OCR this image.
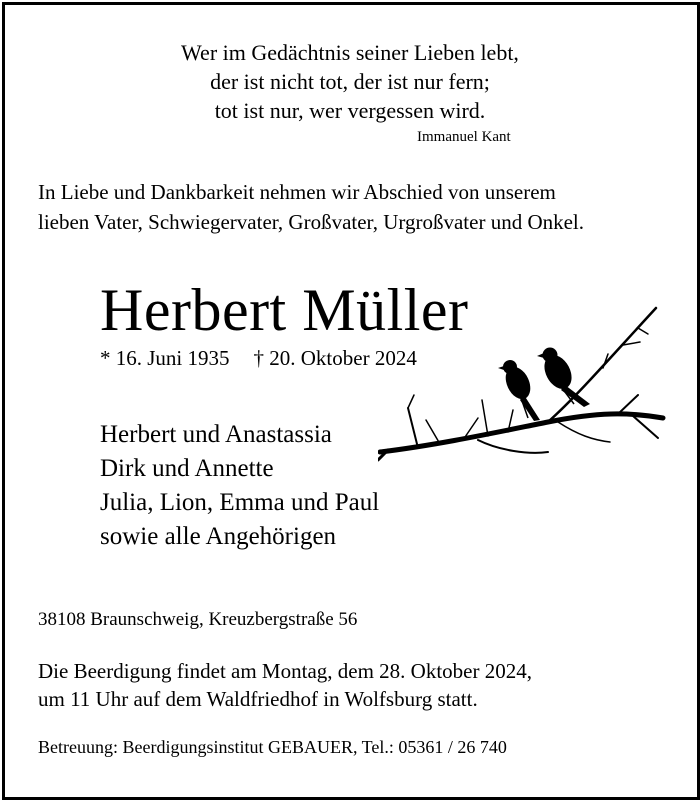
Wer im Gedächtnis seiner Lieben lebt,
der ist nicht tot, der ist nur fern;
tot ist nur, wer vergessen wird.
Immanuel Kant
In Liebe und Dankbarkeit nehmen wir Abschied von unserem
lieben Vater, Schwiegervater, Großvater, Urgroßvater und Onkel.
Herbert Müller
* 16. Juni 1935 † 20. Oktober 2024
Herbert und Anastassia
Dirk und Annette
Julia, Lion, Emma und Paul
sowie alle Angehörigen
38108 Braunschweig, Kreuzbergstraße 56
Die Beerdigung findet am Montag, dem 28. Oktober 2024,
um 11 Uhr auf dem Waldfriedhof in Wolfsburg statt.
Betreuung: Beerdigungsinstitut GEBAUER, Tel.: 05361 / 26 740
